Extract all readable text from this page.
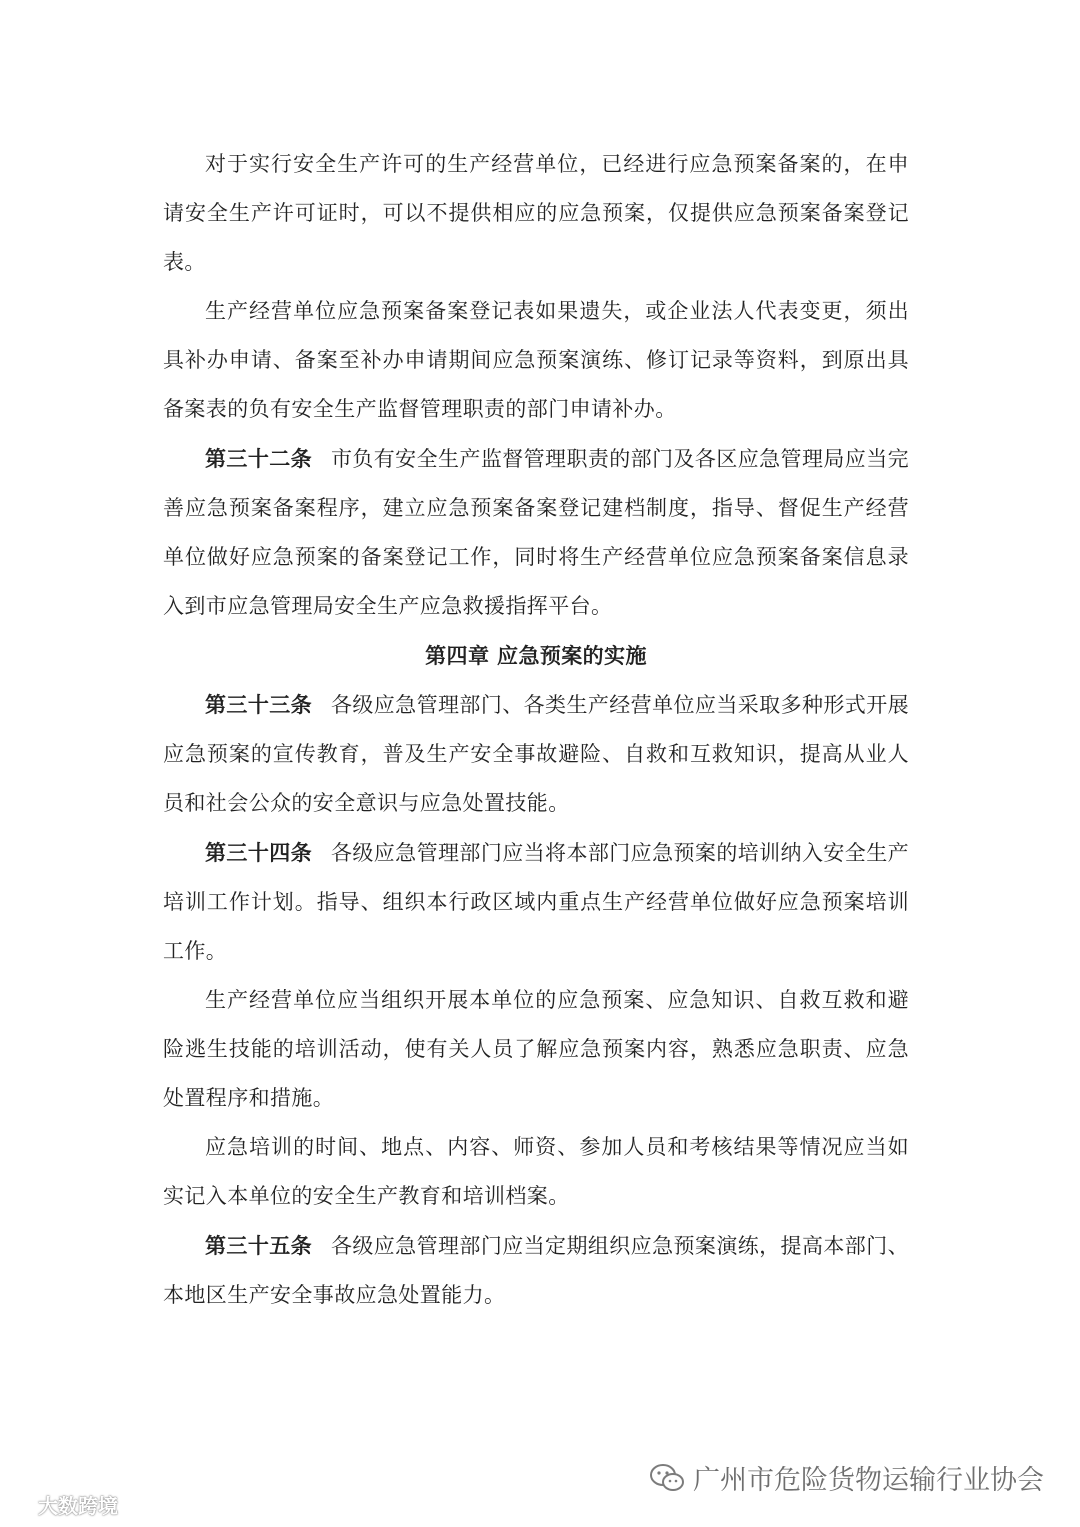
对于实行安全生产许可的生产经营单位，已经进行应急预案备案的，在申请安全生产许可证时，可以不提供相应的应急预案，仅提供应急预案备案登记表。

生产经营单位应急预案备案登记表如果遗失，或企业法人代表变更，须出具补办申请、备案至补办申请期间应急预案演练、修订记录等资料，到原出具备案表的负有安全生产监督管理职责的部门申请补办。

第三十二条 市负有安全生产监督管理职责的部门及各区应急管理局应当完善应急预案备案程序，建立应急预案备案登记建档制度，指导、督促生产经营单位做好应急预案的备案登记工作，同时将生产经营单位应急预案备案信息录入到市应急管理局安全生产应急救援指挥平台。

第四章 应急预案的实施

第三十三条 各级应急管理部门、各类生产经营单位应当采取多种形式开展应急预案的宣传教育，普及生产安全事故避险、自救和互救知识，提高从业人员和社会公众的安全意识与应急处置技能。

第三十四条 各级应急管理部门应当将本部门应急预案的培训纳入安全生产培训工作计划。指导、组织本行政区域内重点生产经营单位做好应急预案培训工作。

生产经营单位应当组织开展本单位的应急预案、应急知识、自救互救和避险逃生技能的培训活动，使有关人员了解应急预案内容，熟悉应急职责、应急处置程序和措施。

应急培训的时间、地点、内容、师资、参加人员和考核结果等情况应当如实记入本单位的安全生产教育和培训档案。

第三十五条 各级应急管理部门应当定期组织应急预案演练，提高本部门、本地区生产安全事故应急处置能力。

广州市危险货物运输行业协会
大数跨境
